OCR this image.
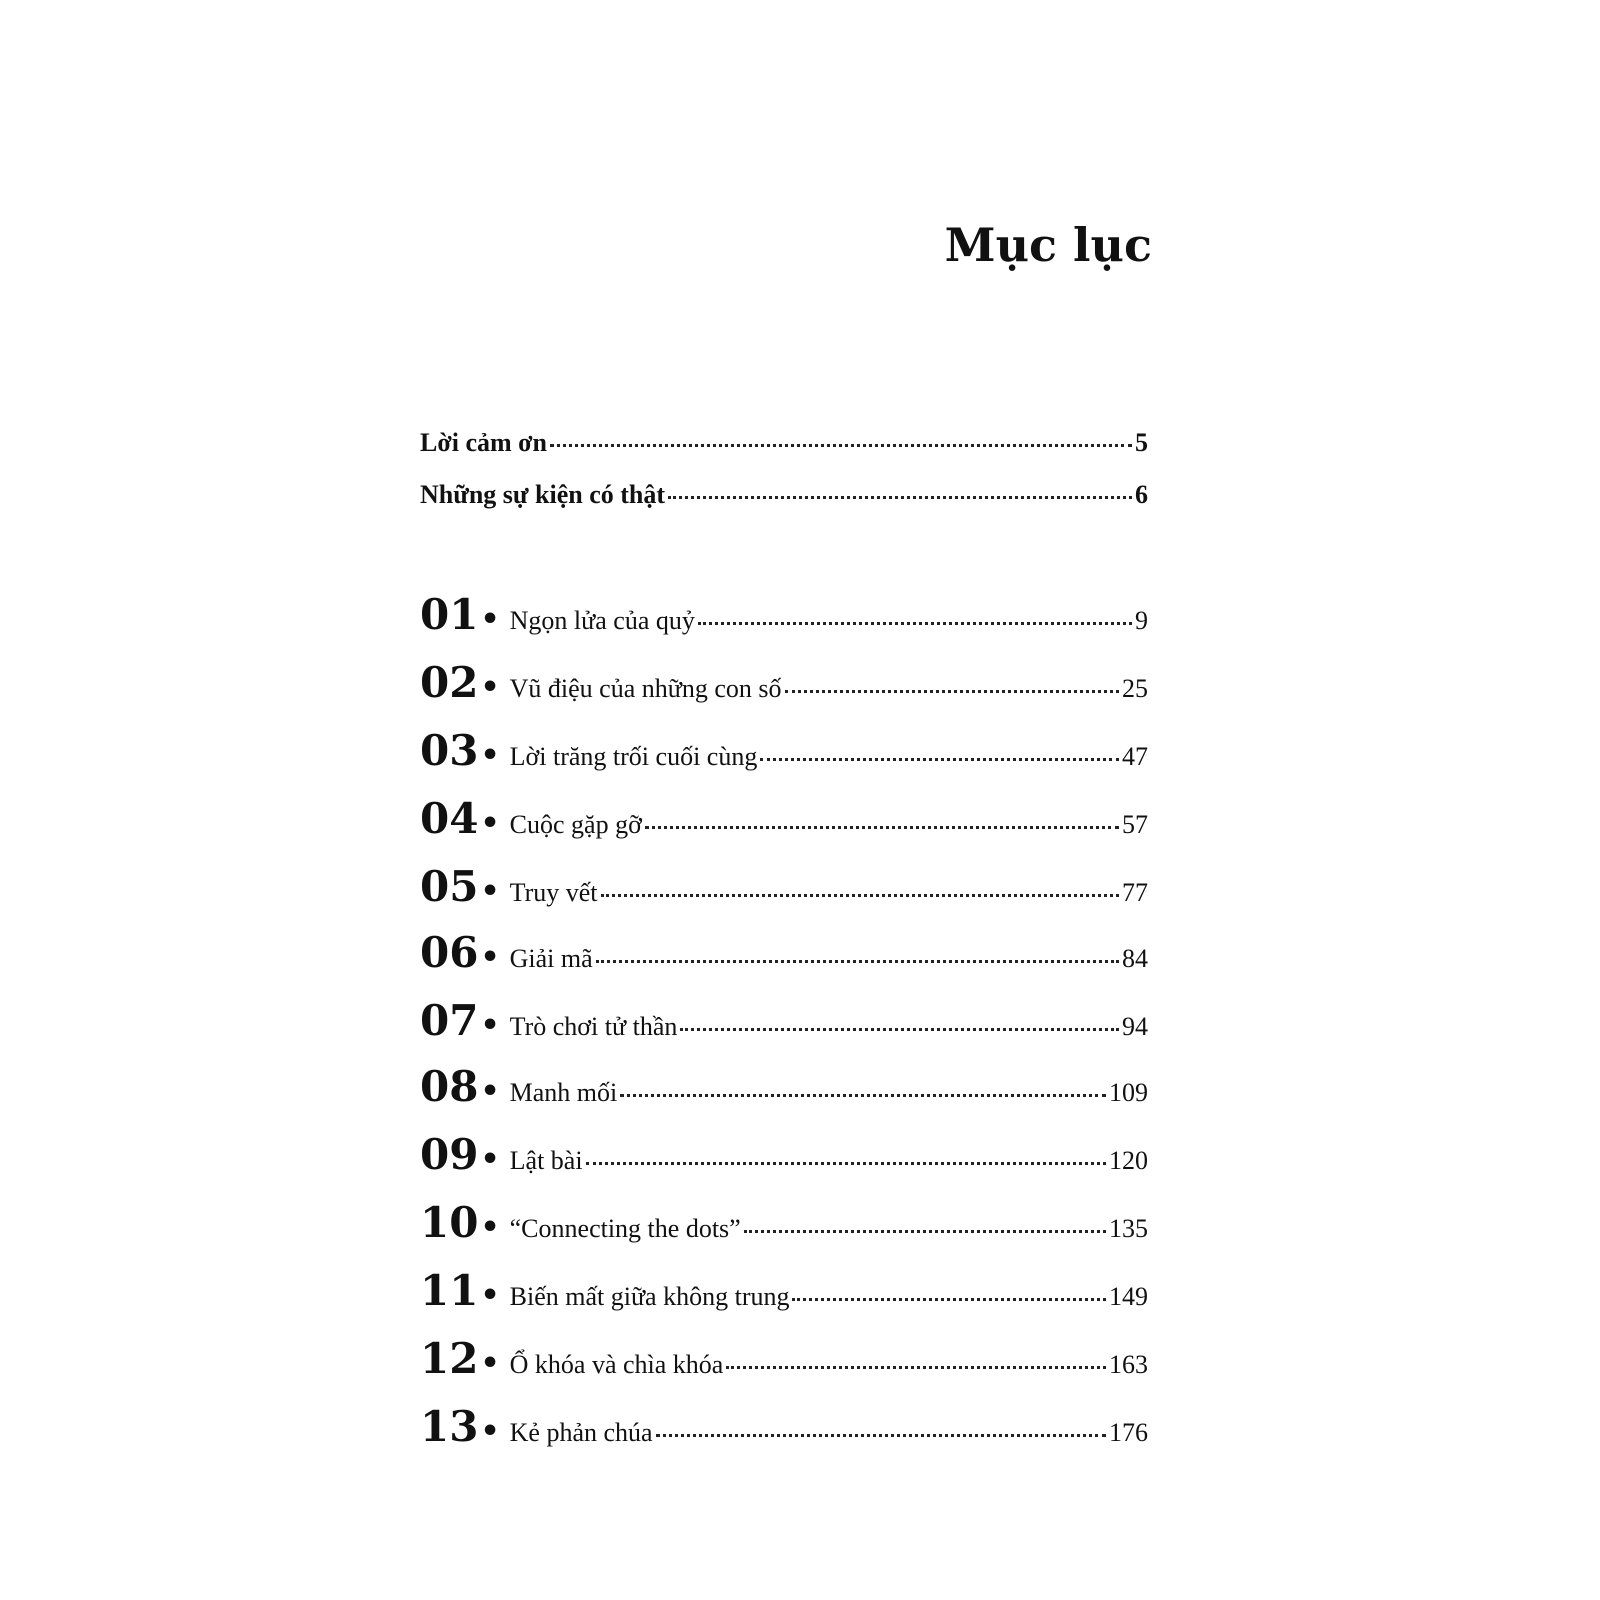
Mục lục
Lời cảm ơn	5
Những sự kiện có thật	6
01• Ngọn lửa của quỷ	9
02• Vũ điệu của những con số	25
03• Lời trăng trối cuối cùng	47
04• Cuộc gặp gỡ	57
05• Truy vết	77
06• Giải mã	84
07• Trò chơi tử thần	94
08• Manh mối	109
09• Lật bài	120
10• “Connecting the dots”	135
11• Biến mất giữa không trung	149
12• Ổ khóa và chìa khóa	163
13• Kẻ phản chúa	176
